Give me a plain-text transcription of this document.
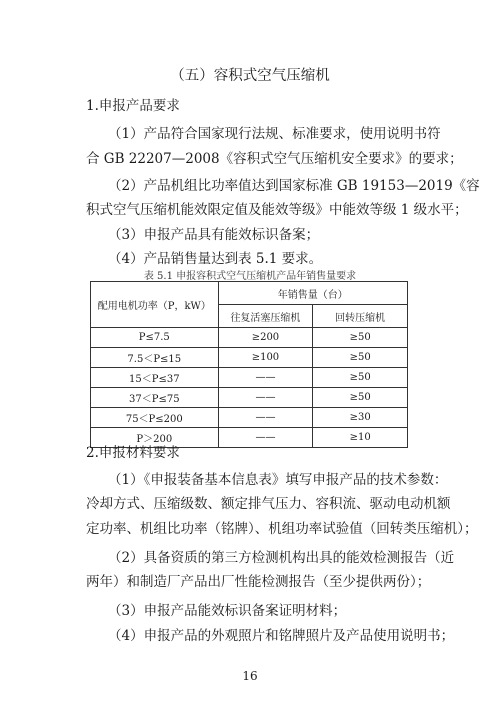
（五）容积式空气压缩机
1.申报产品要求
（1）产品符合国家现行法规、标准要求，使用说明书符
合 GB 22207—2008《容积式空气压缩机安全要求》的要求；
（2）产品机组比功率值达到国家标准 GB 19153—2019《容
积式空气压缩机能效限定值及能效等级》中能效等级 1 级水平；
（3）申报产品具有能效标识备案；
（4）产品销售量达到表 5.1 要求。
表 5.1 申报容积式空气压缩机产品年销售量要求
配用电机功率（P，kW）	年销售量（台）	
	往复活塞压缩机	回转压缩机
P≤7.5	≥200	≥50
7.5＜P≤15	≥100	≥50
15＜P≤37	——	≥50
37＜P≤75	——	≥50
75＜P≤200	——	≥30
P＞200	——	≥10
2.申报材料要求
（1）《申报装备基本信息表》填写申报产品的技术参数：
冷却方式、压缩级数、额定排气压力、容积流、驱动电动机额
定功率、机组比功率（铭牌）、机组功率试验值（回转类压缩机）；
（2）具备资质的第三方检测机构出具的能效检测报告（近
两年）和制造厂产品出厂性能检测报告（至少提供两份）；
（3）申报产品能效标识备案证明材料；
（4）申报产品的外观照片和铭牌照片及产品使用说明书；
16
